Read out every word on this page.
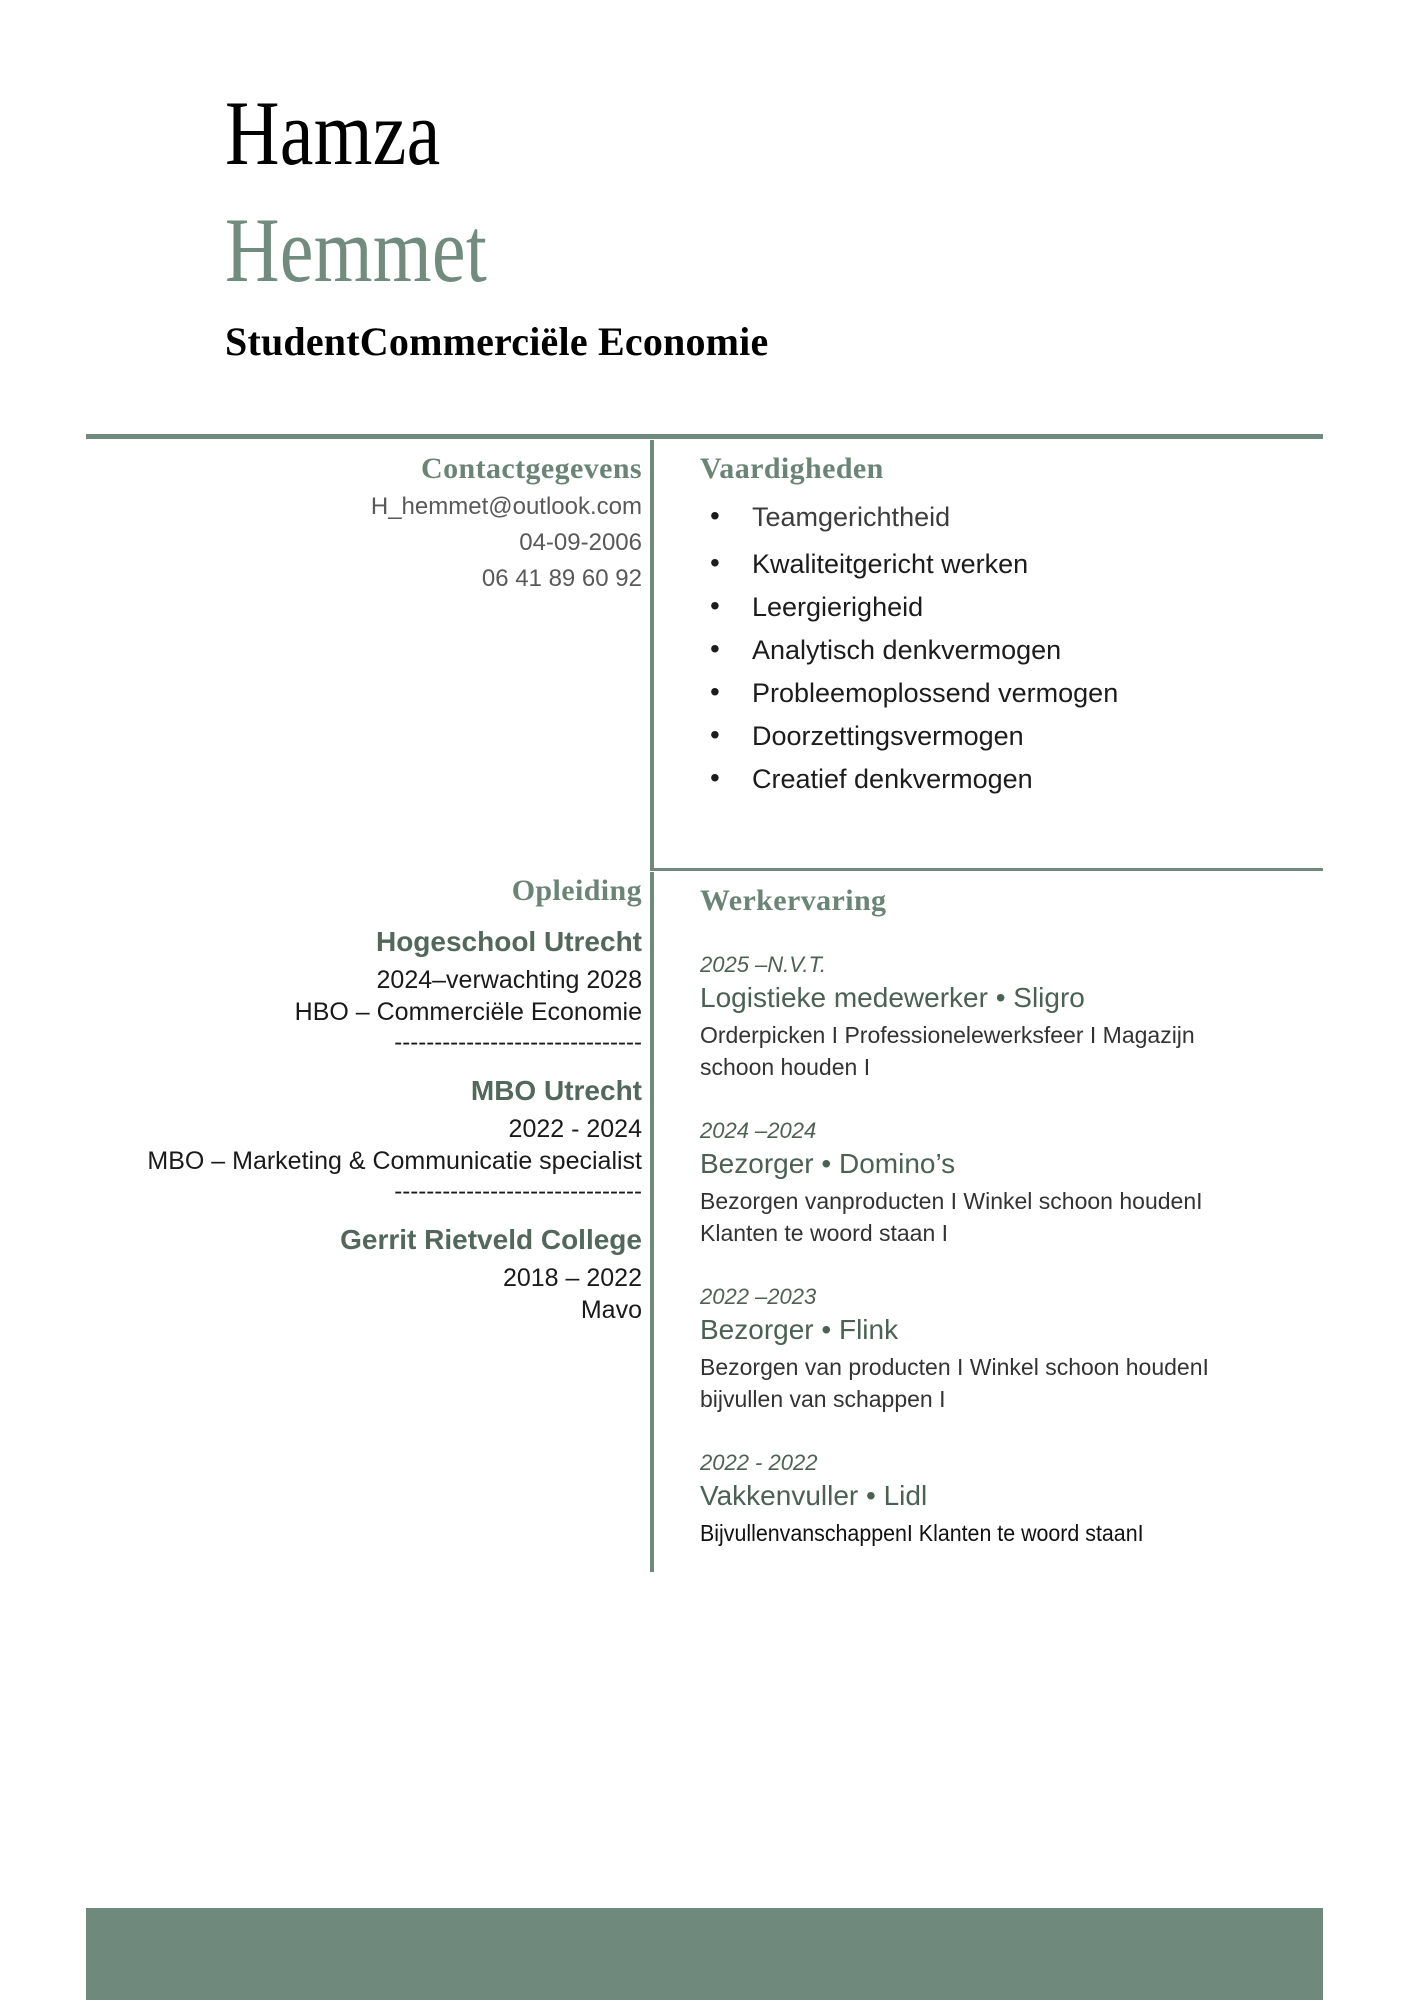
Hamza
Hemmet
StudentCommerciële Economie
Contactgegevens
H_hemmet@outlook.com
04-09-2006
06 41 89 60 92
Vaardigheden
• Teamgerichtheid
• Kwaliteitgericht werken
• Leergierigheid
• Analytisch denkvermogen
• Probleemoplossend vermogen
• Doorzettingsvermogen
• Creatief denkvermogen
Opleiding
Hogeschool Utrecht
2024–verwachting 2028
HBO – Commerciële Economie
-------------------------------
MBO Utrecht
2022 - 2024
MBO – Marketing & Communicatie specialist
-------------------------------
Gerrit Rietveld College
2018 – 2022
Mavo
Werkervaring
2025 –N.V.T.
Logistieke medewerker • Sligro
Orderpicken I Professionelewerksfeer I Magazijn schoon houden I
2024 –2024
Bezorger • Domino’s
Bezorgen vanproducten I Winkel schoon houdenI Klanten te woord staan I
2022 –2023
Bezorger • Flink
Bezorgen van producten I Winkel schoon houdenI bijvullen van schappen I
2022 - 2022
Vakkenvuller • Lidl
BijvullenvanschappenI Klanten te woord staanI
